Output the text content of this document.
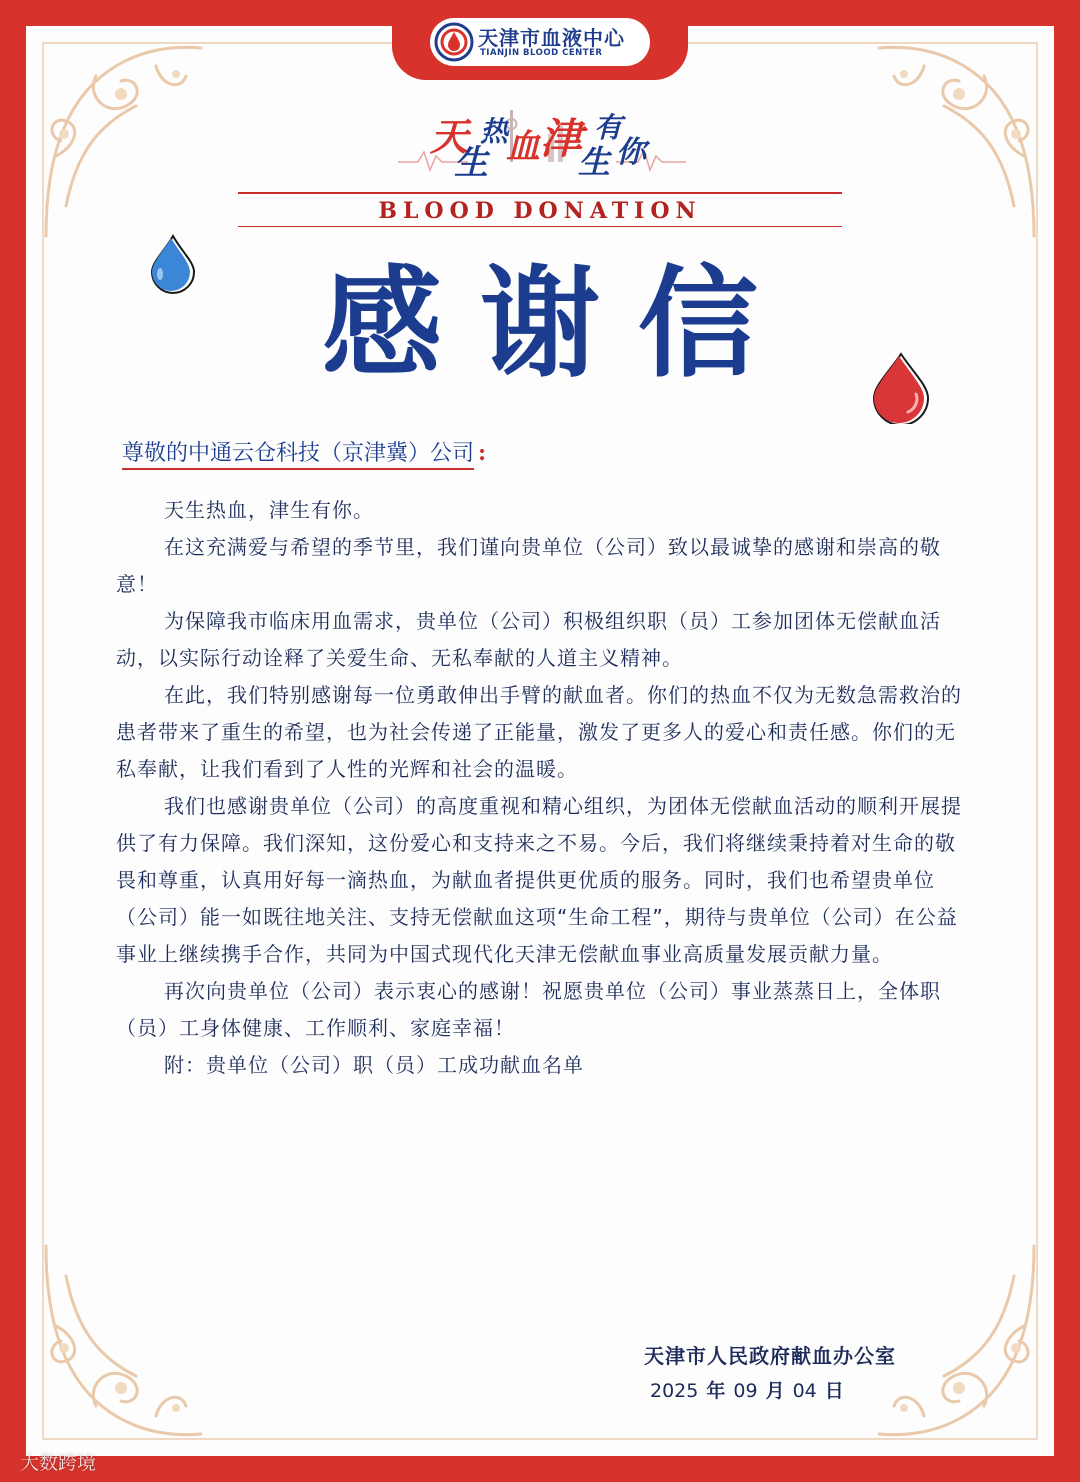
天津市血液中心
TIANJIN BLOOD CENTER
天
生
热
血 津
生
有
你
BLOOD DONATION
感谢信
尊敬的中通云仓科技（京津冀）公司 :

天生热血，津生有你。

在这充满爱与希望的季节里，我们谨向贵单位（公司）致以最诚挚的感谢和崇高的敬意！

为保障我市临床用血需求，贵单位（公司）积极组织职（员）工参加团体无偿献血活动，以实际行动诠释了关爱生命、无私奉献的人道主义精神。

在此，我们特别感谢每一位勇敢伸出手臂的献血者。你们的热血不仅为无数急需救治的患者带来了重生的希望，也为社会传递了正能量，激发了更多人的爱心和责任感。你们的无私奉献，让我们看到了人性的光辉和社会的温暖。

我们也感谢贵单位（公司）的高度重视和精心组织，为团体无偿献血活动的顺利开展提供了有力保障。我们深知，这份爱心和支持来之不易。今后，我们将继续秉持着对生命的敬畏和尊重，认真用好每一滴热血，为献血者提供更优质的服务。同时，我们也希望贵单位（公司）能一如既往地关注、支持无偿献血这项“生命工程”，期待与贵单位（公司）在公益事业上继续携手合作，共同为中国式现代化天津无偿献血事业高质量发展贡献力量。

再次向贵单位（公司）表示衷心的感谢！祝愿贵单位（公司）事业蒸蒸日上，全体职（员）工身体健康、工作顺利、家庭幸福！

附：贵单位（公司）职（员）工成功献血名单

天津市人民政府献血办公室
2025 年 09 月 04 日
大数跨境
